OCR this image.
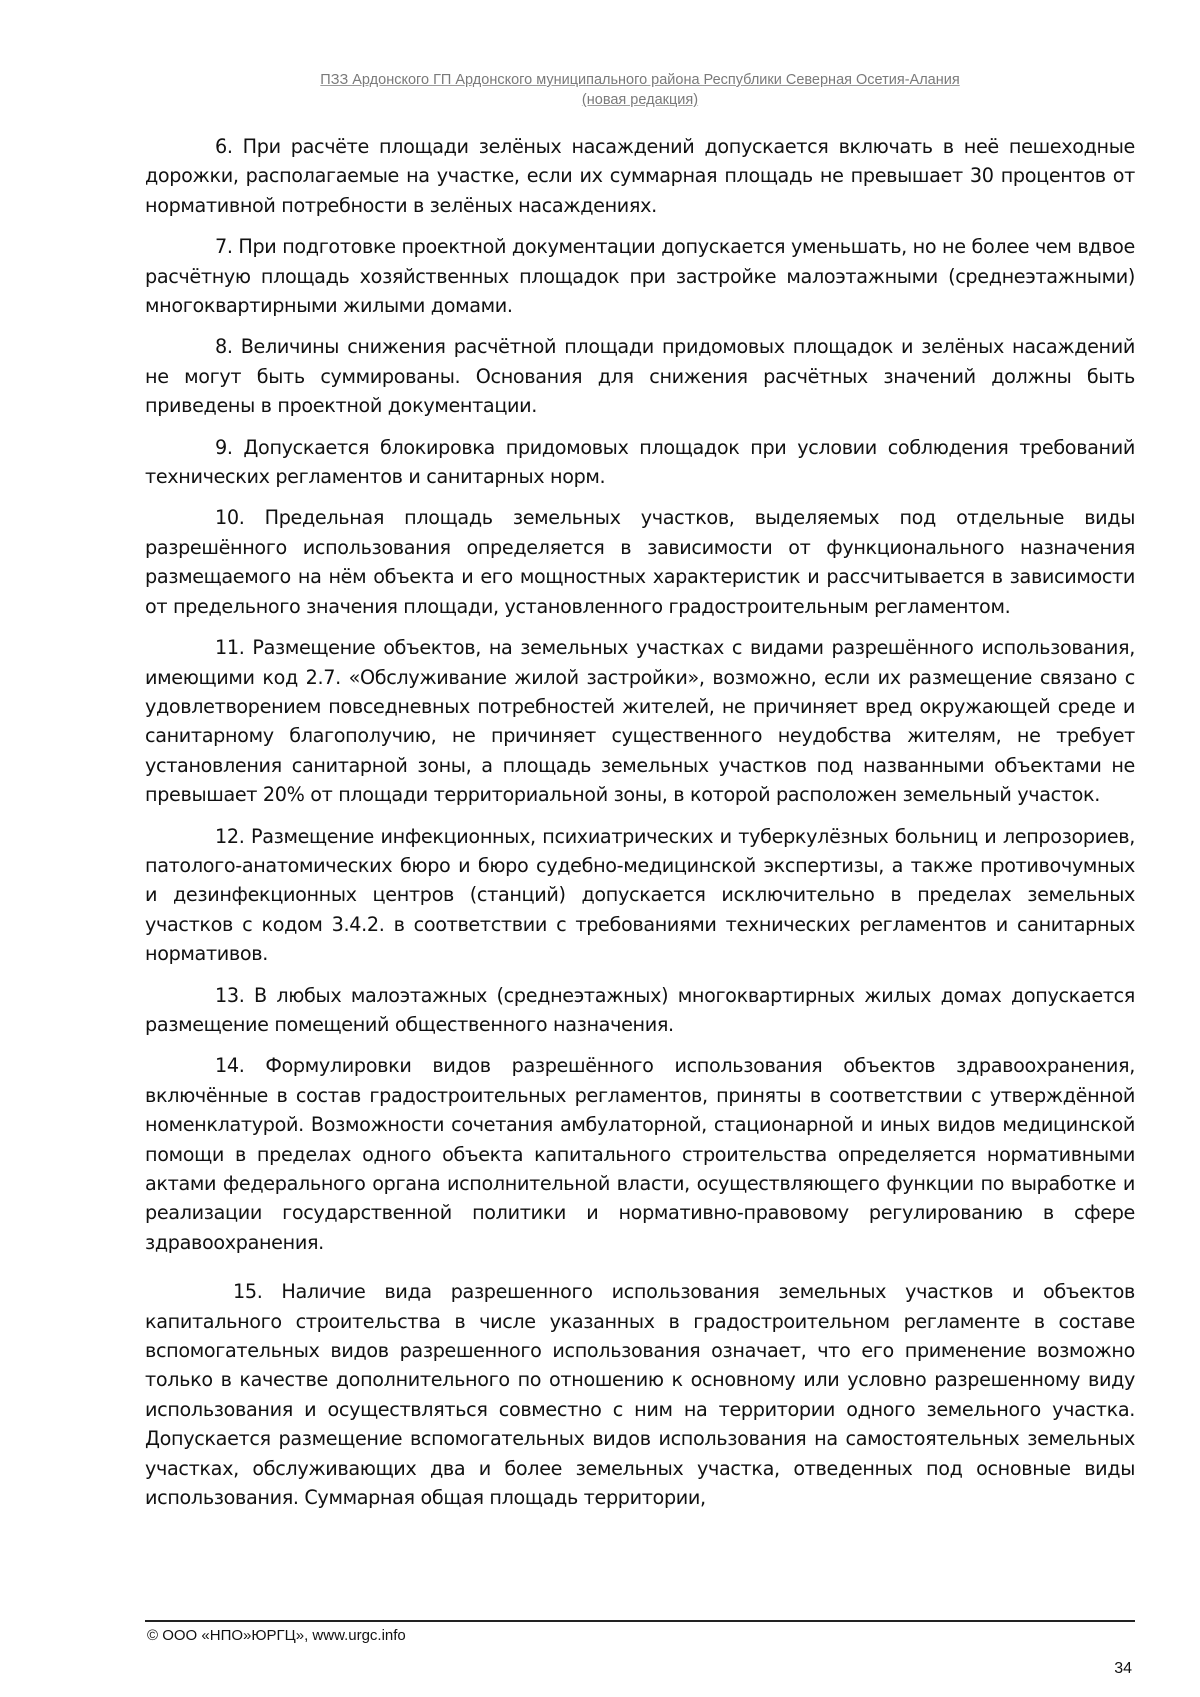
ПЗЗ Ардонского ГП Ардонского муниципального района Республики Северная Осетия-Алания
(новая редакция)

6. При расчёте площади зелёных насаждений допускается включать в неё пешеходные дорожки, располагаемые на участке, если их суммарная площадь не превышает 30 процентов от нормативной потребности в зелёных насаждениях.

7. При подготовке проектной документации допускается уменьшать, но не более чем вдвое расчётную площадь хозяйственных площадок при застройке малоэтажными (среднеэтажными) многоквартирными жилыми домами.

8. Величины снижения расчётной площади придомовых площадок и зелёных насаждений не могут быть суммированы. Основания для снижения расчётных значений должны быть приведены в проектной документации.

9. Допускается блокировка придомовых площадок при условии соблюдения требований технических регламентов и санитарных норм.

10. Предельная площадь земельных участков, выделяемых под отдельные виды разрешённого использования определяется в зависимости от функционального назначения размещаемого на нём объекта и его мощностных характеристик и рассчитывается в зависимости от предельного значения площади, установленного градостроительным регламентом.

11. Размещение объектов, на земельных участках с видами разрешённого использования, имеющими код 2.7. «Обслуживание жилой застройки», возможно, если их размещение связано с удовлетворением повседневных потребностей жителей, не причиняет вред окружающей среде и санитарному благополучию, не причиняет существенного неудобства жителям, не требует установления санитарной зоны, а площадь земельных участков под названными объектами не превышает 20% от площади территориальной зоны, в которой расположен земельный участок.

12. Размещение инфекционных, психиатрических и туберкулёзных больниц и лепрозориев, патолого-анатомических бюро и бюро судебно-медицинской экспертизы, а также противочумных и дезинфекционных центров (станций) допускается исключительно в пределах земельных участков с кодом 3.4.2. в соответствии с требованиями технических регламентов и санитарных нормативов.

13. В любых малоэтажных (среднеэтажных) многоквартирных жилых домах допускается размещение помещений общественного назначения.

14. Формулировки видов разрешённого использования объектов здравоохранения, включённые в состав градостроительных регламентов, приняты в соответствии с утверждённой номенклатурой. Возможности сочетания амбулаторной, стационарной и иных видов медицинской помощи в пределах одного объекта капитального строительства определяется нормативными актами федерального органа исполнительной власти, осуществляющего функции по выработке и реализации государственной политики и нормативно-правовому регулированию в сфере здравоохранения.

15. Наличие вида разрешенного использования земельных участков и объектов капитального строительства в числе указанных в градостроительном регламенте в составе вспомогательных видов разрешенного использования означает, что его применение возможно только в качестве дополнительного по отношению к основному или условно разрешенному виду использования и осуществляться совместно с ним на территории одного земельного участка. Допускается размещение вспомогательных видов использования на самостоятельных земельных участках, обслуживающих два и более земельных участка, отведенных под основные виды использования. Суммарная общая площадь территории,

© ООО «НПО»ЮРГЦ», www.urgc.info
34
